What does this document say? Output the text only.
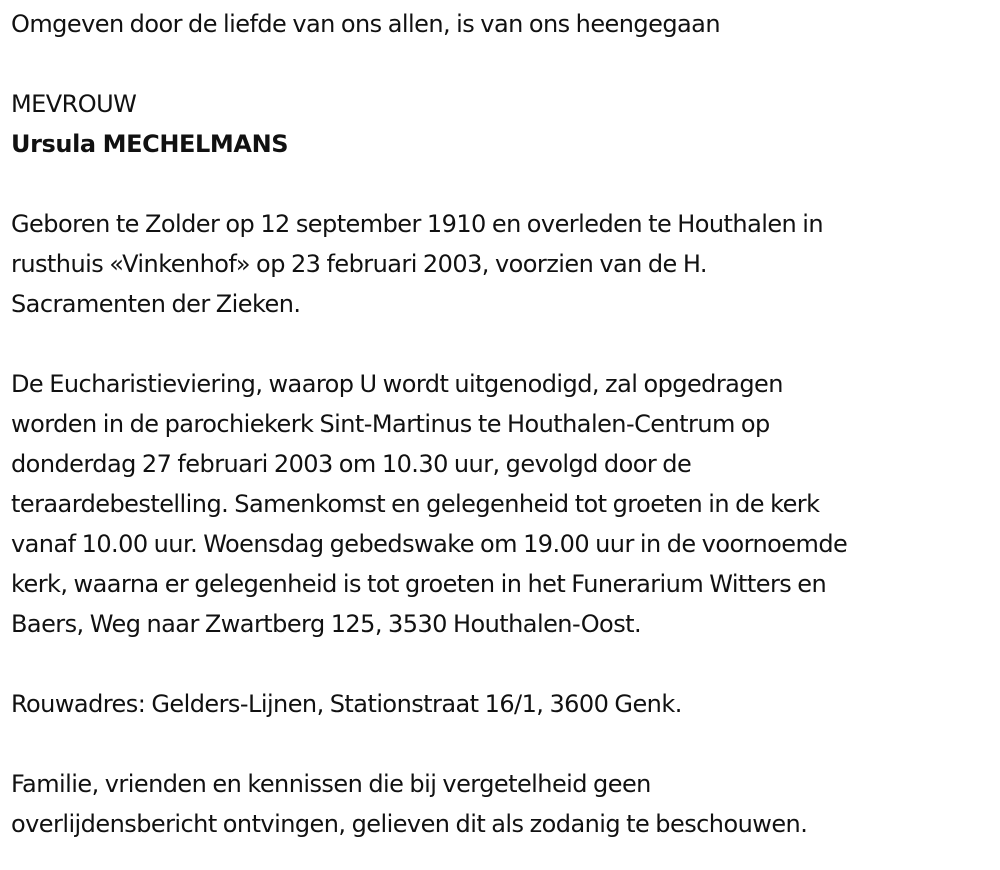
Omgeven door de liefde van ons allen, is van ons heengegaan
MEVROUW
Ursula MECHELMANS

Geboren te Zolder op 12 september 1910 en overleden te Houthalen in
rusthuis «Vinkenhof» op 23 februari 2003, voorzien van de H.
Sacramenten der Zieken.

De Eucharistieviering, waarop U wordt uitgenodigd, zal opgedragen
worden in de parochiekerk Sint-Martinus te Houthalen-Centrum op
donderdag 27 februari 2003 om 10.30 uur, gevolgd door de
teraardebestelling. Samenkomst en gelegenheid tot groeten in de kerk
vanaf 10.00 uur. Woensdag gebedswake om 19.00 uur in de voornoemde
kerk, waarna er gelegenheid is tot groeten in het Funerarium Witters en
Baers, Weg naar Zwartberg 125, 3530 Houthalen-Oost.

Rouwadres: Gelders-Lijnen, Stationstraat 16/1, 3600 Genk.

Familie, vrienden en kennissen die bij vergetelheid geen
overlijdensbericht ontvingen, gelieven dit als zodanig te beschouwen.
